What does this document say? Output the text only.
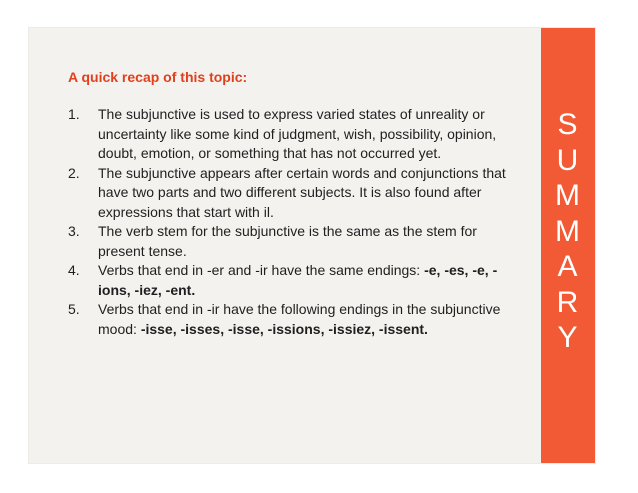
S
U
M
M
A
R
Y

A quick recap of this topic:

1. The subjunctive is used to express varied states of unreality or uncertainty like some kind of judgment, wish, possibility, opinion, doubt, emotion, or something that has not occurred yet.
2. The subjunctive appears after certain words and conjunctions that have two parts and two different subjects. It is also found after expressions that start with il.
3. The verb stem for the subjunctive is the same as the stem for present tense.
4. Verbs that end in -er and -ir have the same endings: -e, -es, -e, -ions, -iez, -ent.
5. Verbs that end in -ir have the following endings in the subjunctive mood: -isse, -isses, -isse, -issions, -issiez, -issent.
